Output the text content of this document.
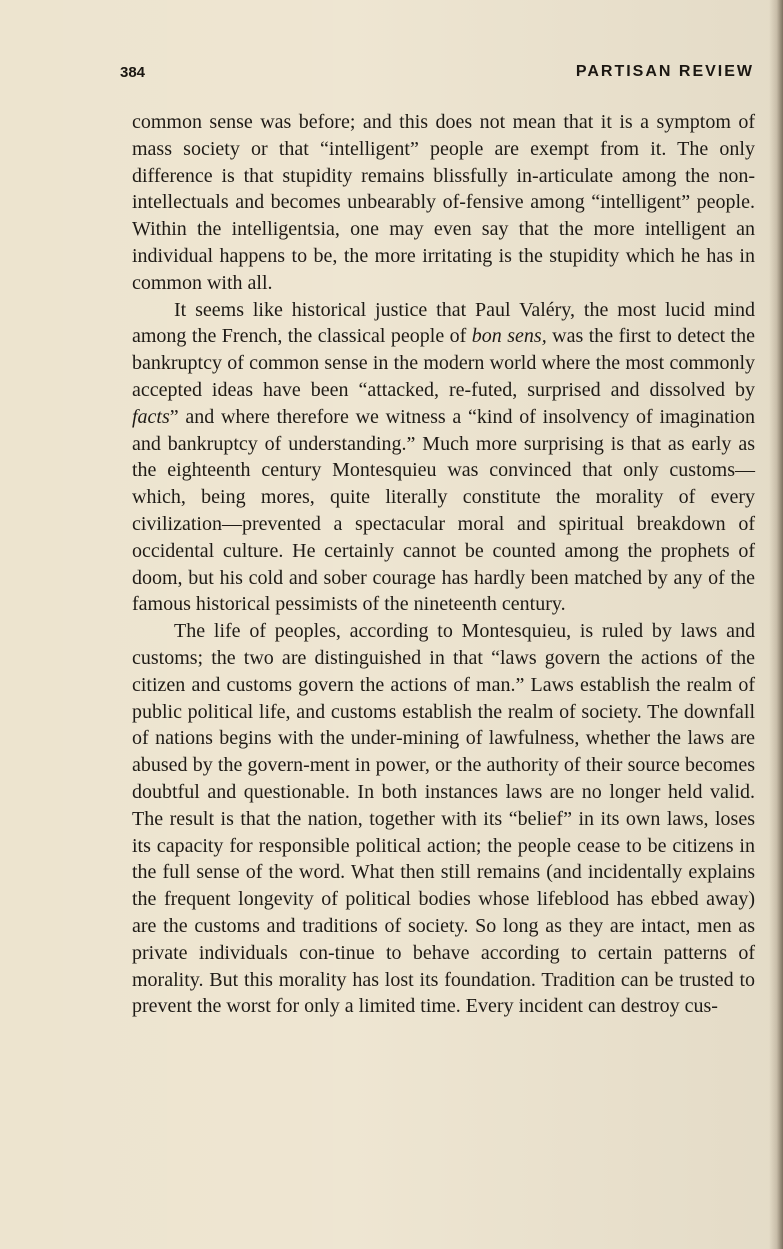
384	PARTISAN REVIEW

common sense was before; and this does not mean that it is a symptom of mass society or that “intelligent” people are exempt from it. The only difference is that stupidity remains blissfully in-articulate among the non-intellectuals and becomes unbearably of-fensive among “intelligent” people. Within the intelligentsia, one may even say that the more intelligent an individual happens to be, the more irritating is the stupidity which he has in common with all.

It seems like historical justice that Paul Valéry, the most lucid mind among the French, the classical people of bon sens, was the first to detect the bankruptcy of common sense in the modern world where the most commonly accepted ideas have been “attacked, re-futed, surprised and dissolved by facts” and where therefore we witness a “kind of insolvency of imagination and bankruptcy of understanding.” Much more surprising is that as early as the eighteenth century Montesquieu was convinced that only customs—which, being mores, quite literally constitute the morality of every civilization—prevented a spectacular moral and spiritual breakdown of occidental culture. He certainly cannot be counted among the prophets of doom, but his cold and sober courage has hardly been matched by any of the famous historical pessimists of the nineteenth century.

The life of peoples, according to Montesquieu, is ruled by laws and customs; the two are distinguished in that “laws govern the actions of the citizen and customs govern the actions of man.” Laws establish the realm of public political life, and customs establish the realm of society. The downfall of nations begins with the under-mining of lawfulness, whether the laws are abused by the govern-ment in power, or the authority of their source becomes doubtful and questionable. In both instances laws are no longer held valid. The result is that the nation, together with its “belief” in its own laws, loses its capacity for responsible political action; the people cease to be citizens in the full sense of the word. What then still remains (and incidentally explains the frequent longevity of political bodies whose lifeblood has ebbed away) are the customs and traditions of society. So long as they are intact, men as private individuals con-tinue to behave according to certain patterns of morality. But this morality has lost its foundation. Tradition can be trusted to prevent the worst for only a limited time. Every incident can destroy cus-
